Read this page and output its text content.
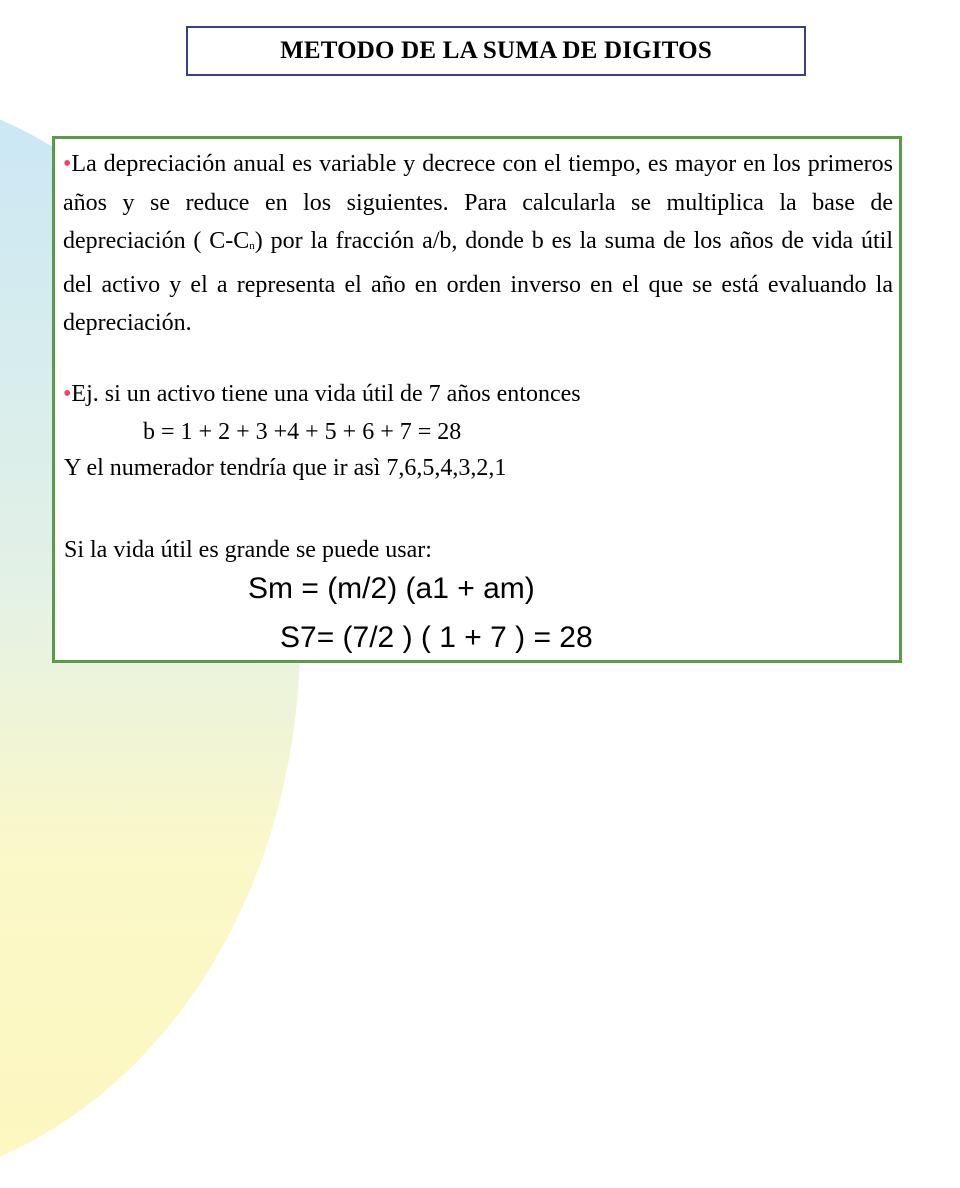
METODO DE LA SUMA DE DIGITOS
•La depreciación anual es variable y decrece con el tiempo, es mayor en los primeros años y se reduce en los siguientes. Para calcularla se multiplica la base de depreciación ( $C-C_n$) por la fracción a/b, donde b es la suma de los años de vida útil del activo y el a representa el año en orden inverso en el que se está evaluando la depreciación.
•Ej. si un activo tiene una vida útil de 7 años entonces
b = 1 + 2 + 3 +4 + 5 + 6 + 7 = 28
Y el numerador tendría que ir asì 7,6,5,4,3,2,1
Si la vida útil es grande se puede usar:
Sm = (m/2) (a1 + am)
S7= (7/2 ) ( 1 + 7 ) = 28
